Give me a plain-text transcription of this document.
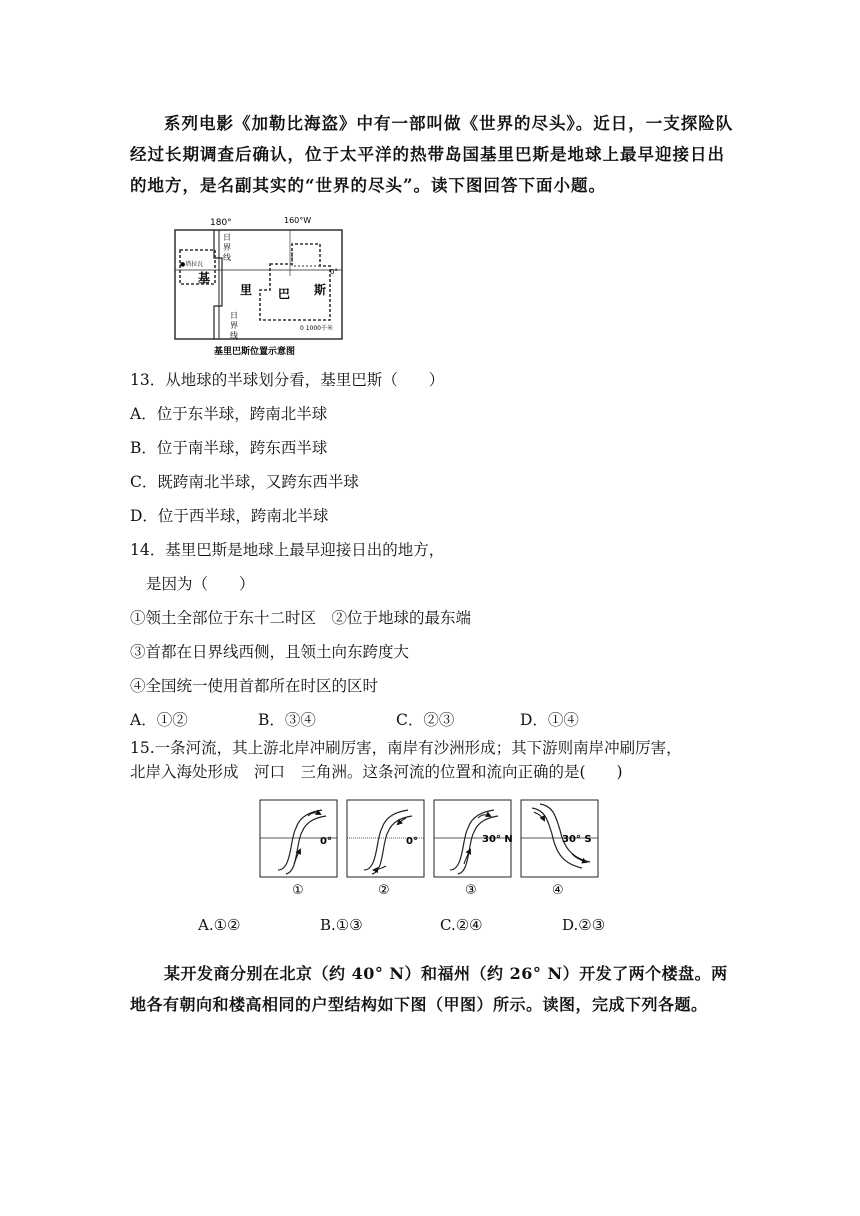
系列电影《加勒比海盗》中有一部叫做《世界的尽头》。近日，一支探险队经过长期调查后确认，位于太平洋的热带岛国基里巴斯是地球上最早迎接日出的地方，是名副其实的“世界的尽头”。读下图回答下面小题。

180°	160°W
日
界
线
●塔拉瓦
基
里 巴 斯
0°
日
界
线
0 1000千米
基里巴斯位置示意图

13．从地球的半球划分看，基里巴斯（　　）

A．位于东半球，跨南北半球

B．位于南半球，跨东西半球

C．既跨南北半球，又跨东西半球

D．位于西半球，跨南北半球

14．基里巴斯是地球上最早迎接日出的地方，

是因为（　　）

①领土全部位于东十二时区　②位于地球的最东端

③首都在日界线西侧，且领土向东跨度大

④全国统一使用首都所在时区的区时

A．①②	B．③④	C．②③	D．①④

15.一条河流，其上游北岸冲刷厉害，南岸有沙洲形成；其下游则南岸冲刷厉害，

北岸入海处形成　河口　三角洲。这条河流的位置和流向正确的是(　　)

0°
①
0°
②
30° N
③
30° S
④
A.①②	B.①③	C.②④	D.②③

某开发商分别在北京（约 40° N）和福州（约 26° N）开发了两个楼盘。两地各有朝向和楼高相同的户型结构如下图（甲图）所示。读图，完成下列各题。
